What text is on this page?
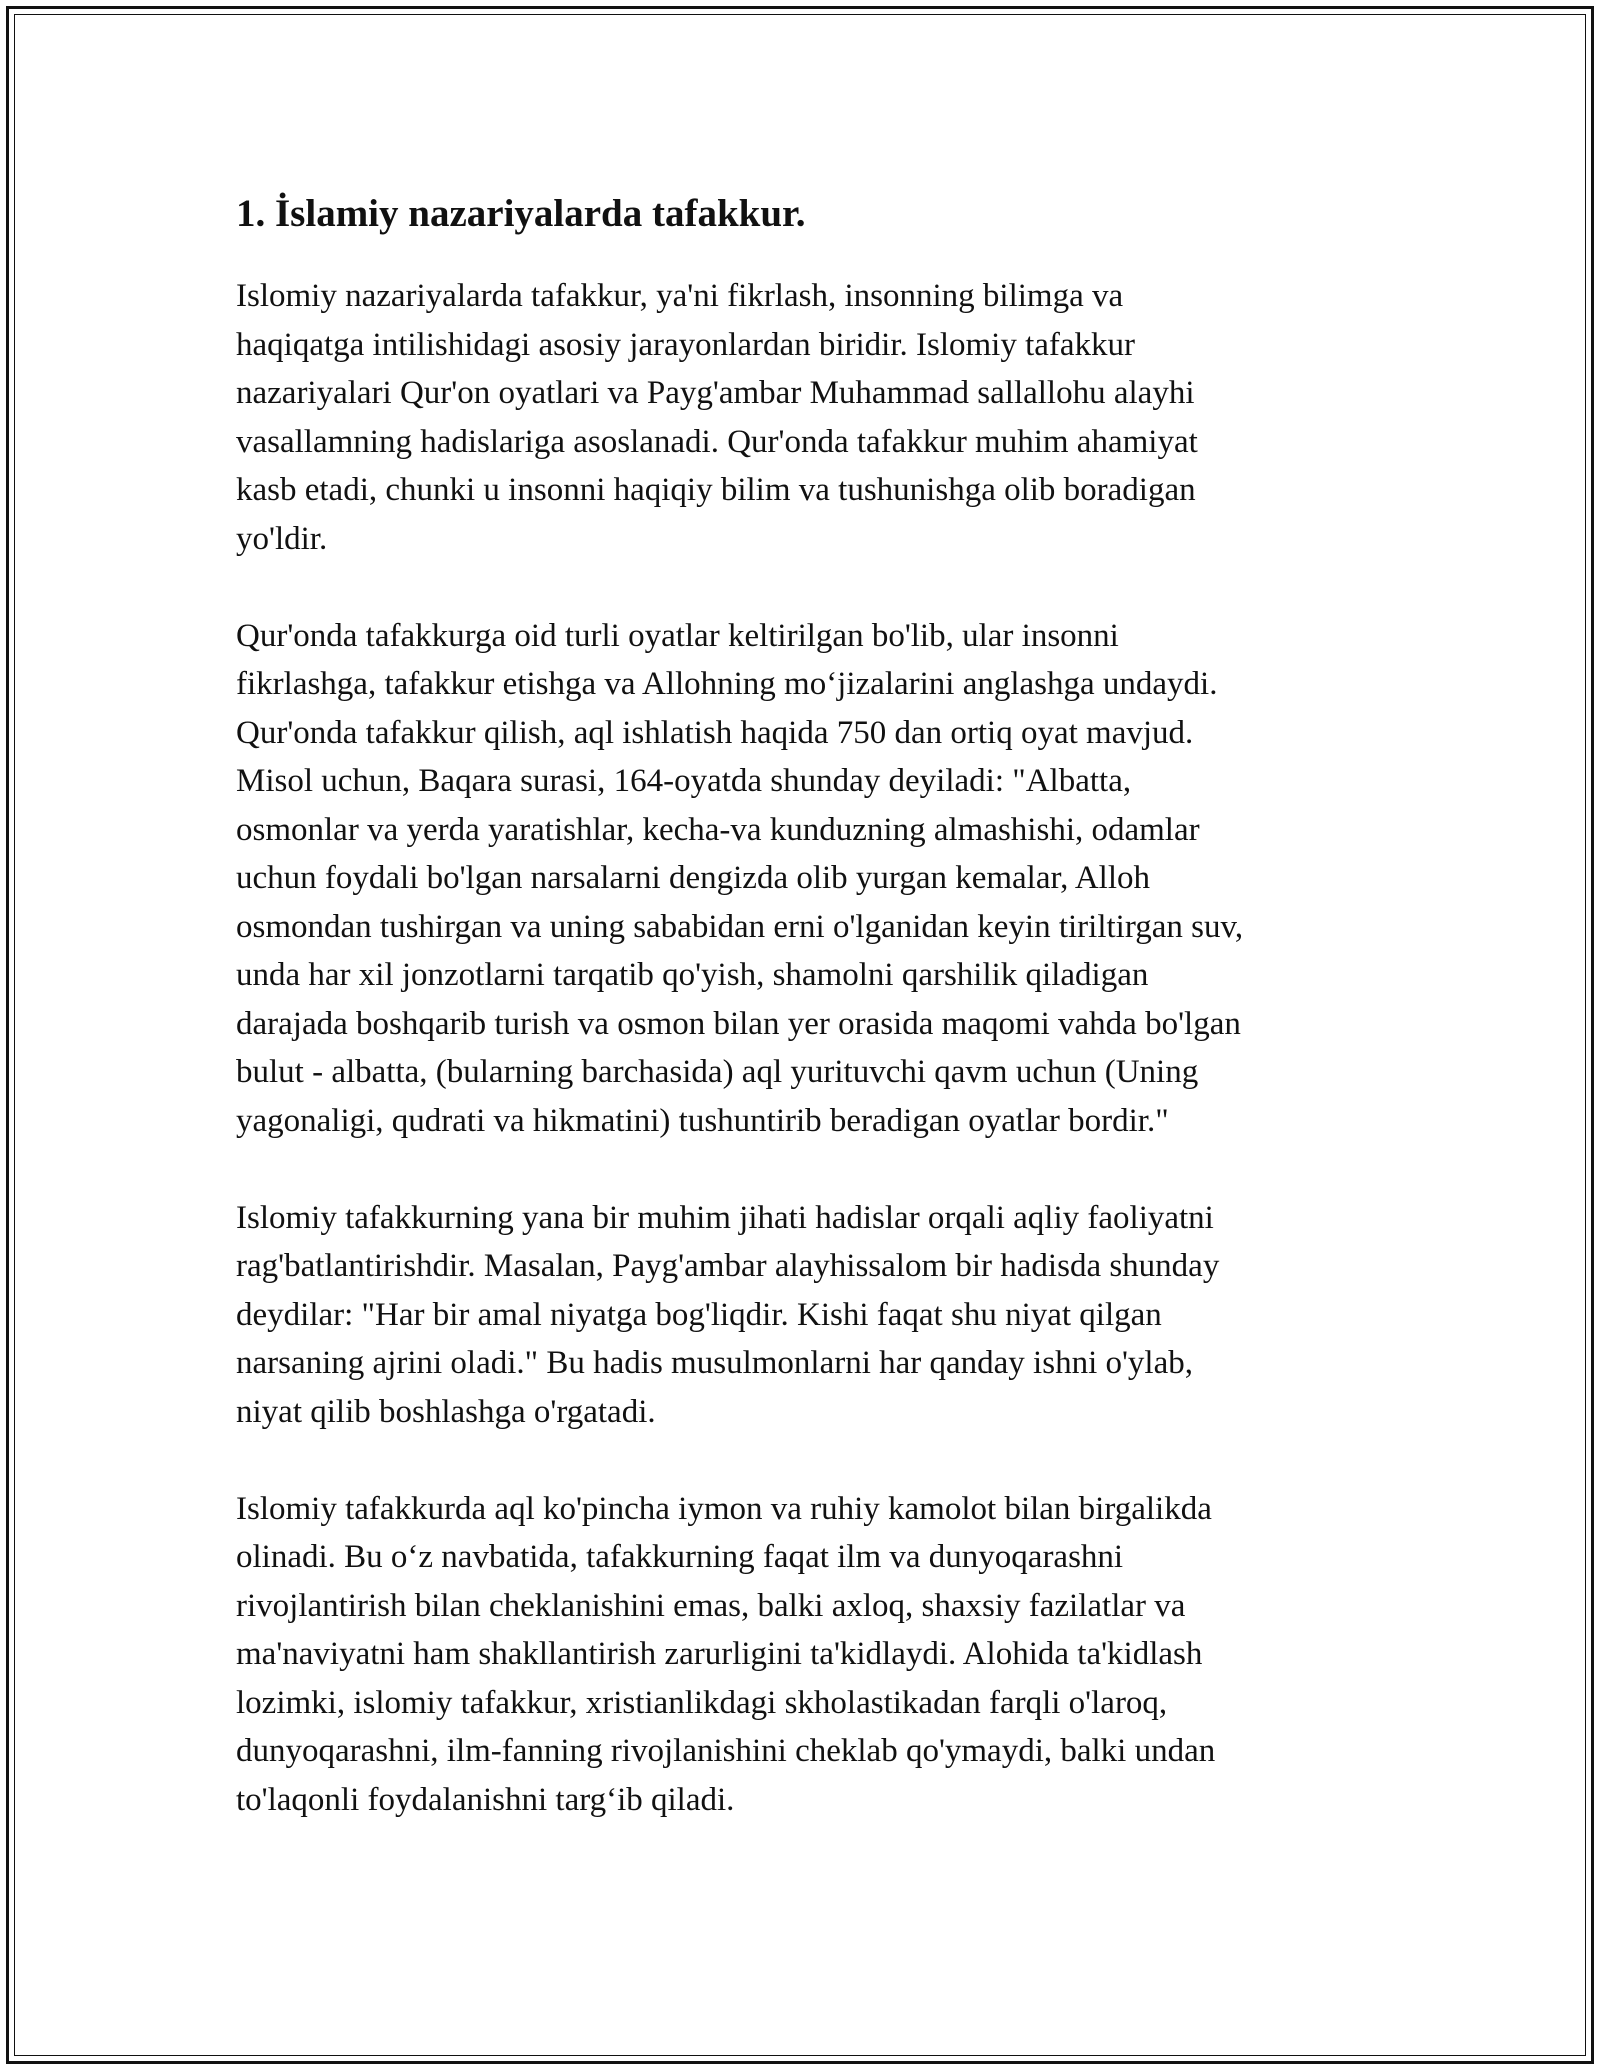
1. İslamiy nazariyalarda tafakkur.

Islomiy nazariyalarda tafakkur, ya'ni fikrlash, insonning bilimga va
haqiqatga intilishidagi asosiy jarayonlardan biridir. Islomiy tafakkur
nazariyalari Qur'on oyatlari va Payg'ambar Muhammad sallallohu alayhi
vasallamning hadislariga asoslanadi. Qur'onda tafakkur muhim ahamiyat
kasb etadi, chunki u insonni haqiqiy bilim va tushunishga olib boradigan
yo'ldir.

Qur'onda tafakkurga oid turli oyatlar keltirilgan bo'lib, ular insonni
fikrlashga, tafakkur etishga va Allohning mo‘jizalarini anglashga undaydi.
Qur'onda tafakkur qilish, aql ishlatish haqida 750 dan ortiq oyat mavjud.
Misol uchun, Baqara surasi, 164-oyatda shunday deyiladi: "Albatta,
osmonlar va yerda yaratishlar, kecha-va kunduzning almashishi, odamlar
uchun foydali bo'lgan narsalarni dengizda olib yurgan kemalar, Alloh
osmondan tushirgan va uning sababidan erni o'lganidan keyin tiriltirgan suv,
unda har xil jonzotlarni tarqatib qo'yish, shamolni qarshilik qiladigan
darajada boshqarib turish va osmon bilan yer orasida maqomi vahda bo'lgan
bulut - albatta, (bularning barchasida) aql yurituvchi qavm uchun (Uning
yagonaligi, qudrati va hikmatini) tushuntirib beradigan oyatlar bordir."

Islomiy tafakkurning yana bir muhim jihati hadislar orqali aqliy faoliyatni
rag'batlantirishdir. Masalan, Payg'ambar alayhissalom bir hadisda shunday
deydilar: "Har bir amal niyatga bog'liqdir. Kishi faqat shu niyat qilgan
narsaning ajrini oladi." Bu hadis musulmonlarni har qanday ishni o'ylab,
niyat qilib boshlashga o'rgatadi.

Islomiy tafakkurda aql ko'pincha iymon va ruhiy kamolot bilan birgalikda
olinadi. Bu o‘z navbatida, tafakkurning faqat ilm va dunyoqarashni
rivojlantirish bilan cheklanishini emas, balki axloq, shaxsiy fazilatlar va
ma'naviyatni ham shakllantirish zarurligini ta'kidlaydi. Alohida ta'kidlash
lozimki, islomiy tafakkur, xristianlikdagi skholastikadan farqli o'laroq,
dunyoqarashni, ilm-fanning rivojlanishini cheklab qo'ymaydi, balki undan
to'laqonli foydalanishni targ‘ib qiladi.
